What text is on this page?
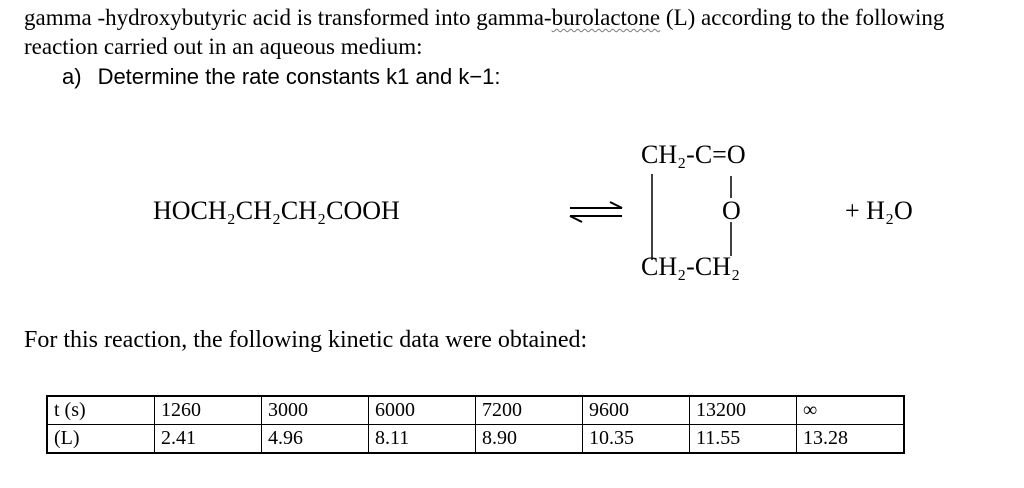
gamma -hydroxybutyric acid is transformed into gamma-burolactone (L) according to the following reaction carried out in an aqueous medium:
a) Determine the rate constants k1 and k−1:
HOCH₂CH₂CH₂COOH
CH₂-C=O
O
CH₂-CH₂
+ H₂O
For this reaction, the following kinetic data were obtained:
t (s)	1260	3000	6000	7200	9600	13200	∞
(L)	2.41	4.96	8.11	8.90	10.35	11.55	13.28
